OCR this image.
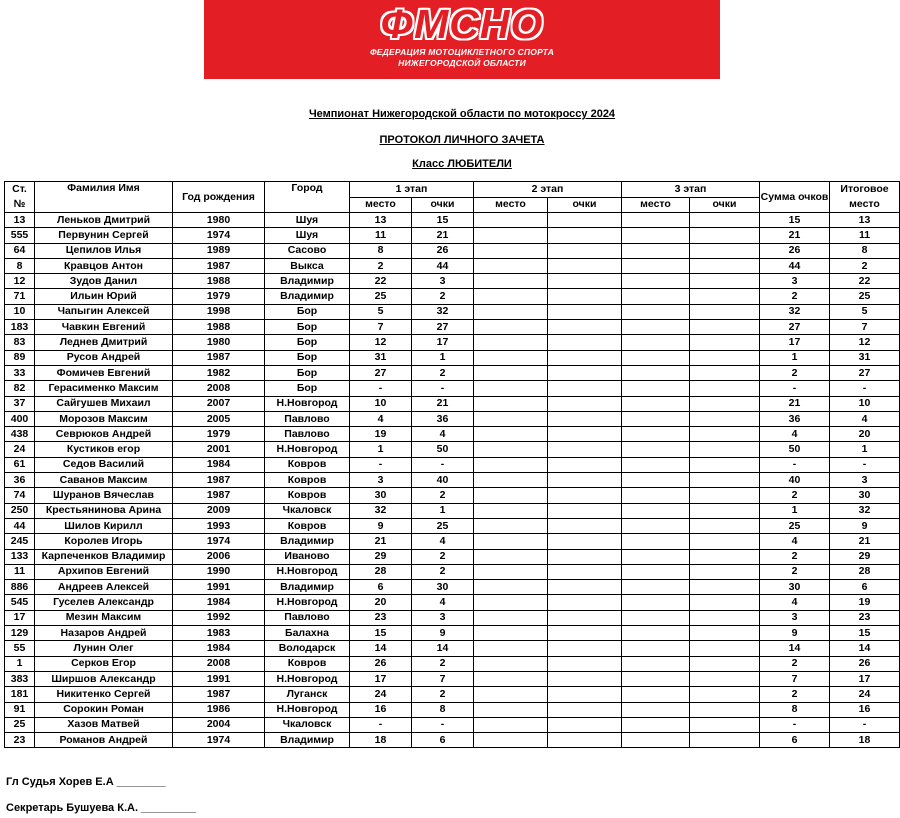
ФМСНО
ФЕДЕРАЦИЯ МОТОЦИКЛЕТНОГО СПОРТА
НИЖЕГОРОДСКОЙ ОБЛАСТИ
Чемпионат Нижегородской области по мотокроссу 2024
ПРОТОКОЛ ЛИЧНОГО ЗАЧЕТА
Класс ЛЮБИТЕЛИ
Ст. №	Фамилия Имя	Год рождения	Город	1 этап		2 этап		3 этап		Сумма очков	Итоговое место
				место	очки	место	очки	место	очки		
13	Леньков Дмитрий	1980	Шуя	13	15					15	13
555	Первунин Сергей	1974	Шуя	11	21					21	11
64	Цепилов Илья	1989	Сасово	8	26					26	8
8	Кравцов Антон	1987	Выкса	2	44					44	2
12	Зудов Данил	1988	Владимир	22	3					3	22
71	Ильин Юрий	1979	Владимир	25	2					2	25
10	Чапыгин Алексей	1998	Бор	5	32					32	5
183	Чавкин Евгений	1988	Бор	7	27					27	7
83	Леднев Дмитрий	1980	Бор	12	17					17	12
89	Русов Андрей	1987	Бор	31	1					1	31
33	Фомичев Евгений	1982	Бор	27	2					2	27
82	Герасименко Максим	2008	Бор	-	-					-	-
37	Сайгушев Михаил	2007	Н.Новгород	10	21					21	10
400	Морозов Максим	2005	Павлово	4	36					36	4
438	Севрюков Андрей	1979	Павлово	19	4					4	20
24	Кустиков егор	2001	Н.Новгород	1	50					50	1
61	Седов Василий	1984	Ковров	-	-					-	-
36	Саванов Максим	1987	Ковров	3	40					40	3
74	Шуранов Вячеслав	1987	Ковров	30	2					2	30
250	Крестьянинова Арина	2009	Чкаловск	32	1					1	32
44	Шилов Кирилл	1993	Ковров	9	25					25	9
245	Королев Игорь	1974	Владимир	21	4					4	21
133	Карпеченков Владимир	2006	Иваново	29	2					2	29
11	Архипов Евгений	1990	Н.Новгород	28	2					2	28
886	Андреев Алексей	1991	Владимир	6	30					30	6
545	Гуселев Александр	1984	Н.Новгород	20	4					4	19
17	Мезин Максим	1992	Павлово	23	3					3	23
129	Назаров Андрей	1983	Балахна	15	9					9	15
55	Лунин Олег	1984	Володарск	14	14					14	14
1	Серков Егор	2008	Ковров	26	2					2	26
383	Ширшов Александр	1991	Н.Новгород	17	7					7	17
181	Никитенко Сергей	1987	Луганск	24	2					2	24
91	Сорокин Роман	1986	Н.Новгород	16	8					8	16
25	Хазов Матвей	2004	Чкаловск	-	-					-	-
23	Романов Андрей	1974	Владимир	18	6					6	18
Гл Судья Хорев Е.А ________
Секретарь Бушуева К.А. _________
